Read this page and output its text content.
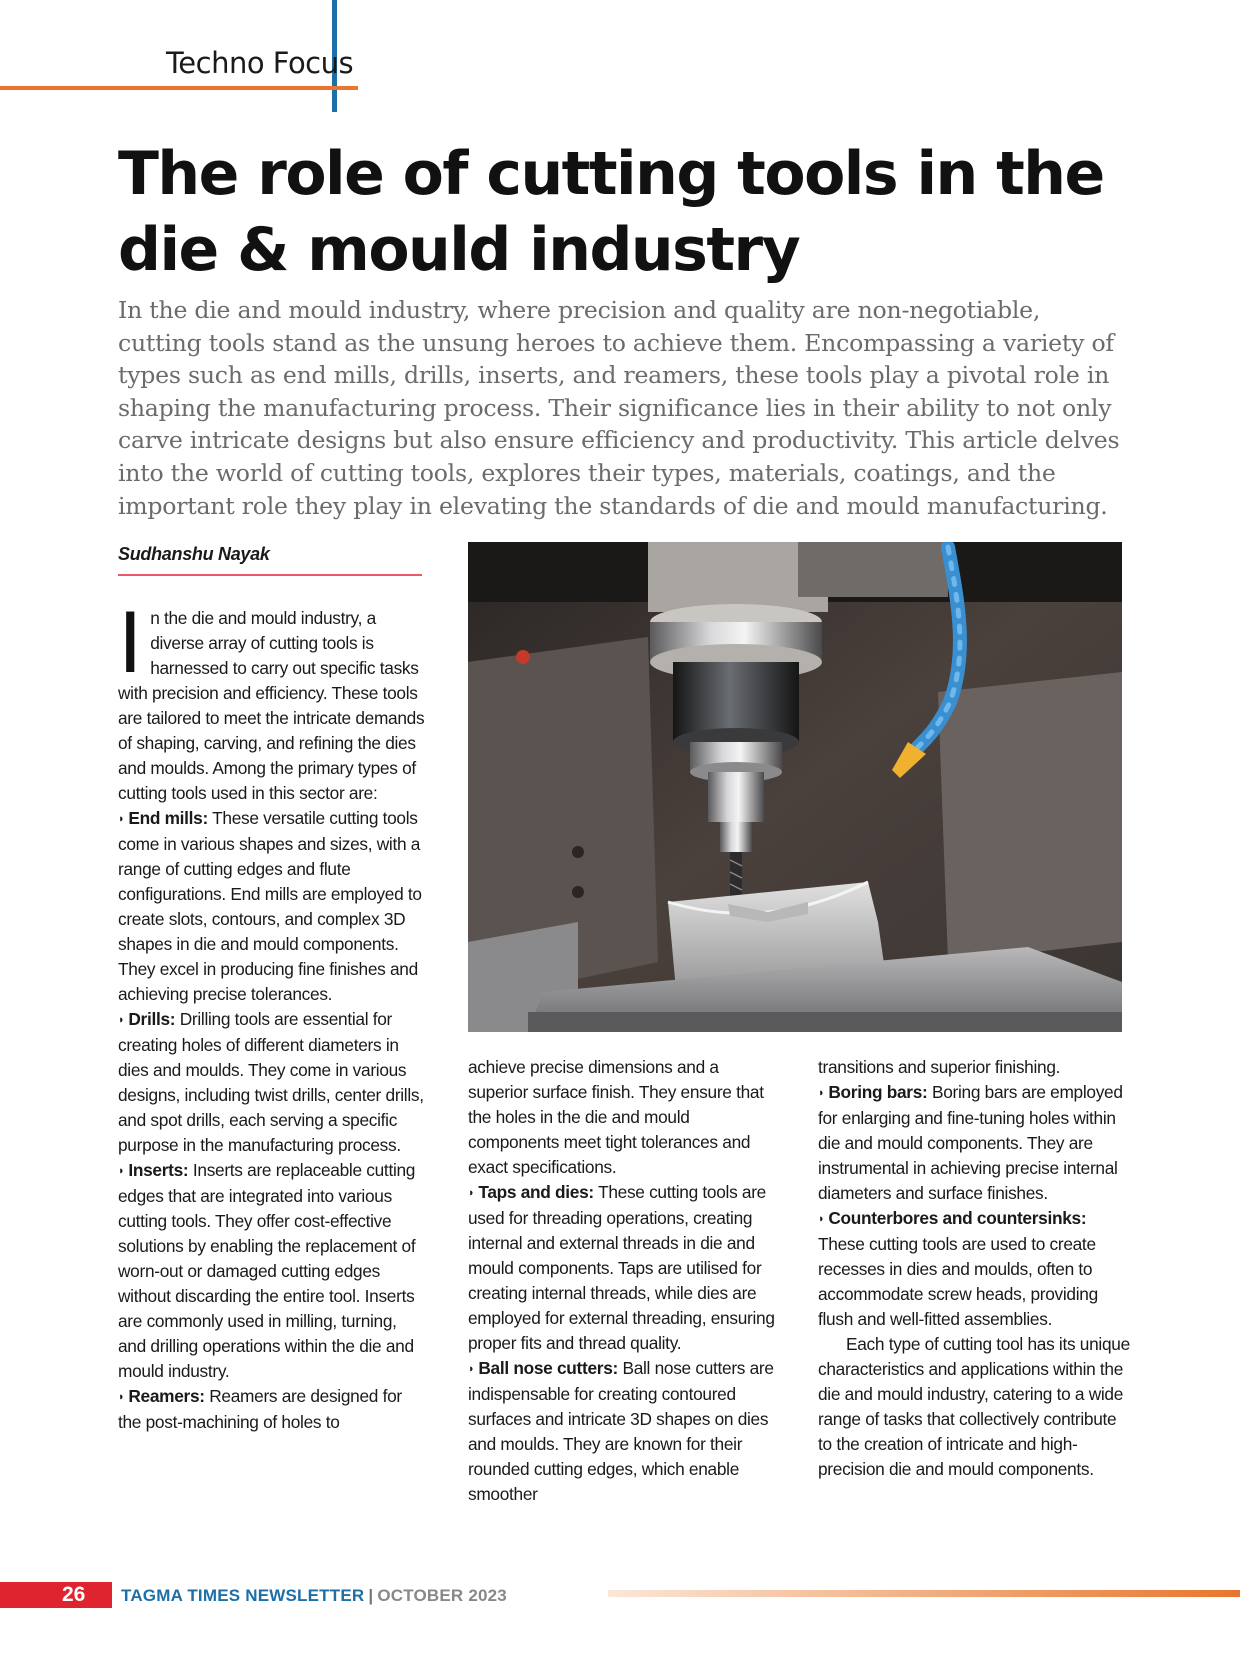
Techno Focus
The role of cutting tools in the die & mould industry

In the die and mould industry, where precision and quality are non-negotiable, cutting tools stand as the unsung heroes to achieve them. Encompassing a variety of types such as end mills, drills, inserts, and reamers, these tools play a pivotal role in shaping the manufacturing process. Their significance lies in their ability to not only carve intricate designs but also ensure efficiency and productivity. This article delves into the world of cutting tools, explores their types, materials, coatings, and the important role they play in elevating the standards of die and mould manufacturing.

Sudhanshu Nayak

In the die and mould industry, a diverse array of cutting tools is harnessed to carry out specific tasks with precision and efficiency. These tools are tailored to meet the intricate demands of shaping, carving, and refining the dies and moulds. Among the primary types of cutting tools used in this sector are:

◗ End mills: These versatile cutting tools come in various shapes and sizes, with a range of cutting edges and flute configurations. End mills are employed to create slots, contours, and complex 3D shapes in die and mould components. They excel in producing fine finishes and achieving precise tolerances.

◗ Drills: Drilling tools are essential for creating holes of different diameters in dies and moulds. They come in various designs, including twist drills, center drills, and spot drills, each serving a specific purpose in the manufacturing process.

◗ Inserts: Inserts are replaceable cutting edges that are integrated into various cutting tools. They offer cost-effective solutions by enabling the replacement of worn-out or damaged cutting edges without discarding the entire tool. Inserts are commonly used in milling, turning, and drilling operations within the die and mould industry.

◗ Reamers: Reamers are designed for the post-machining of holes to

achieve precise dimensions and a superior surface finish. They ensure that the holes in the die and mould components meet tight tolerances and exact specifications.

◗ Taps and dies: These cutting tools are used for threading operations, creating internal and external threads in die and mould components. Taps are utilised for creating internal threads, while dies are employed for external threading, ensuring proper fits and thread quality.

◗ Ball nose cutters: Ball nose cutters are indispensable for creating contoured surfaces and intricate 3D shapes on dies and moulds. They are known for their rounded cutting edges, which enable smoother

transitions and superior finishing.

◗ Boring bars: Boring bars are employed for enlarging and fine-tuning holes within die and mould components. They are instrumental in achieving precise internal diameters and surface finishes.

◗ Counterbores and countersinks:
These cutting tools are used to create recesses in dies and moulds, often to accommodate screw heads, providing flush and well-fitted assemblies.

Each type of cutting tool has its unique characteristics and applications within the die and mould industry, catering to a wide range of tasks that collectively contribute to the creation of intricate and high-precision die and mould components.

26 TAGMA TIMES NEWSLETTER | OCTOBER 2023
